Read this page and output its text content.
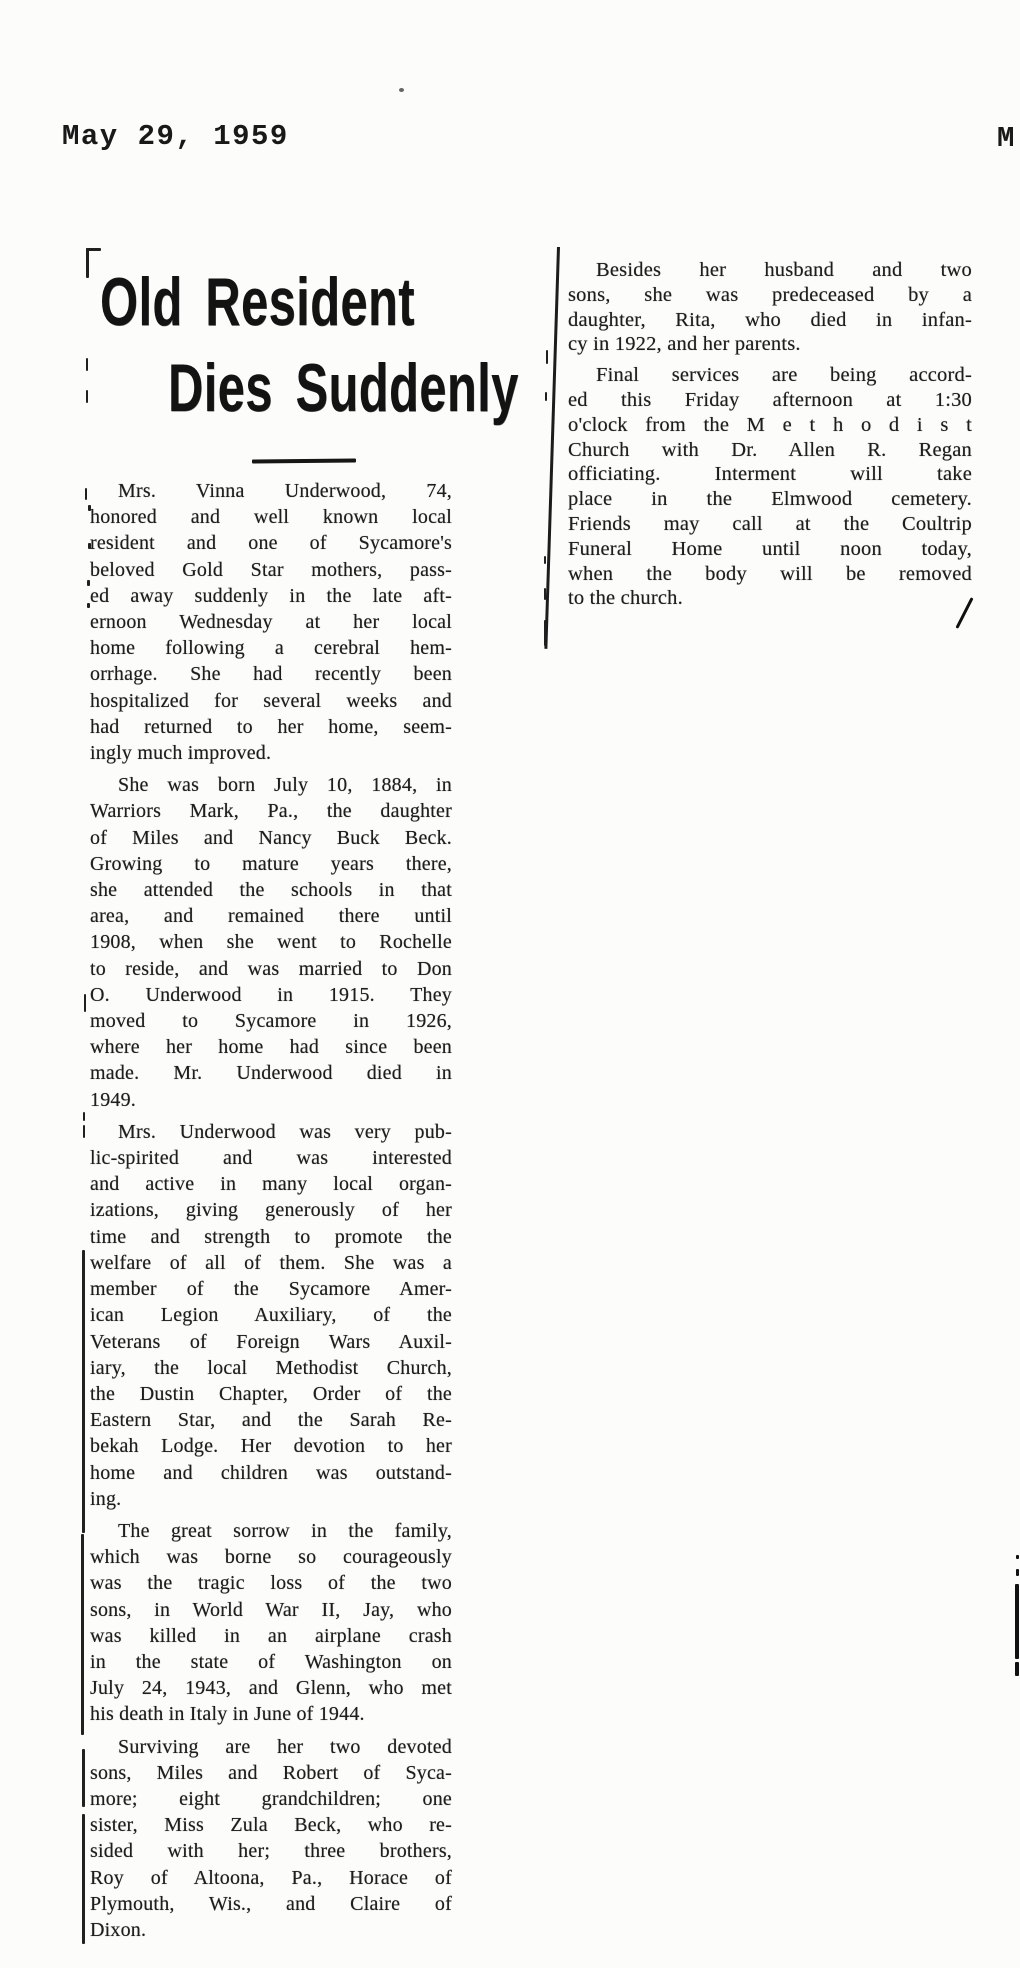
May 29, 1959	M
Old Resident
Dies Suddenly
Mrs. Vinna Underwood, 74,
honored and well known local
resident and one of Sycamore's
beloved Gold Star mothers, pass-
ed away suddenly in the late aft-
ernoon Wednesday at her local
home following a cerebral hem-
orrhage. She had recently been
hospitalized for several weeks and
had returned to her home, seem-
ingly much improved.
She was born July 10, 1884, in
Warriors Mark, Pa., the daughter
of Miles and Nancy Buck Beck.
Growing to mature years there,
she attended the schools in that
area, and remained there until
1908, when she went to Rochelle
to reside, and was married to Don
O. Underwood in 1915. They
moved to Sycamore in 1926,
where her home had since been
made. Mr. Underwood died in
1949.
Mrs. Underwood was very pub-
lic-spirited and was interested
and active in many local organ-
izations, giving generously of her
time and strength to promote the
welfare of all of them. She was a
member of the Sycamore Amer-
ican Legion Auxiliary, of the
Veterans of Foreign Wars Auxil-
iary, the local Methodist Church,
the Dustin Chapter, Order of the
Eastern Star, and the Sarah Re-
bekah Lodge. Her devotion to her
home and children was outstand-
ing.
The great sorrow in the family,
which was borne so courageously
was the tragic loss of the two
sons, in World War II, Jay, who
was killed in an airplane crash
in the state of Washington on
July 24, 1943, and Glenn, who met
his death in Italy in June of 1944.
Surviving are her two devoted
sons, Miles and Robert of Syca-
more; eight grandchildren; one
sister, Miss Zula Beck, who re-
sided with her; three brothers,
Roy of Altoona, Pa., Horace of
Plymouth, Wis., and Claire of
Dixon.
Besides her husband and two
sons, she was predeceased by a
daughter, Rita, who died in infan-
cy in 1922, and her parents.
Final services are being accord-
ed this Friday afternoon at 1:30
o'clock from the M e t h o d i s t
Church with Dr. Allen R. Regan
officiating. Interment will take
place in the Elmwood cemetery.
Friends may call at the Coultrip
Funeral Home until noon today,
when the body will be removed
to the church.
